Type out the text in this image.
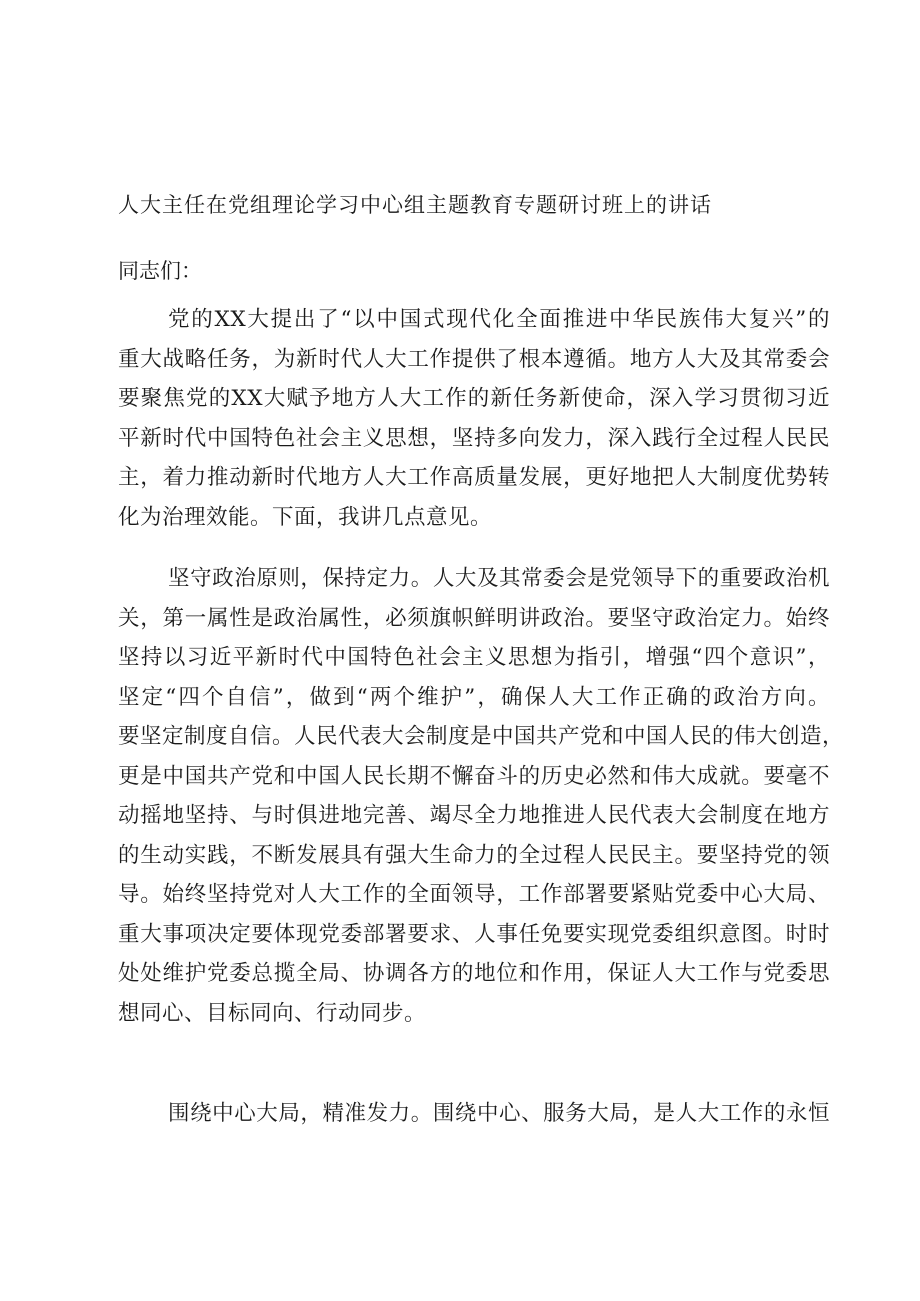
人大主任在党组理论学习中心组主题教育专题研讨班上的讲话
同志们：
党的XX大提出了“以中国式现代化全面推进中华民族伟大复兴”的
重大战略任务，为新时代人大工作提供了根本遵循。地方人大及其常委会
要聚焦党的XX大赋予地方人大工作的新任务新使命，深入学习贯彻习近
平新时代中国特色社会主义思想，坚持多向发力，深入践行全过程人民民
主，着力推动新时代地方人大工作高质量发展，更好地把人大制度优势转
化为治理效能。下面，我讲几点意见。
坚守政治原则，保持定力。人大及其常委会是党领导下的重要政治机
关，第一属性是政治属性，必须旗帜鲜明讲政治。要坚守政治定力。始终
坚持以习近平新时代中国特色社会主义思想为指引，增强“四个意识”，
坚定“四个自信”，做到“两个维护”，确保人大工作正确的政治方向。
要坚定制度自信。人民代表大会制度是中国共产党和中国人民的伟大创造，
更是中国共产党和中国人民长期不懈奋斗的历史必然和伟大成就。要毫不
动摇地坚持、与时俱进地完善、竭尽全力地推进人民代表大会制度在地方
的生动实践，不断发展具有强大生命力的全过程人民民主。要坚持党的领
导。始终坚持党对人大工作的全面领导，工作部署要紧贴党委中心大局、
重大事项决定要体现党委部署要求、人事任免要实现党委组织意图。时时
处处维护党委总揽全局、协调各方的地位和作用，保证人大工作与党委思
想同心、目标同向、行动同步。
围绕中心大局，精准发力。围绕中心、服务大局，是人大工作的永恒
